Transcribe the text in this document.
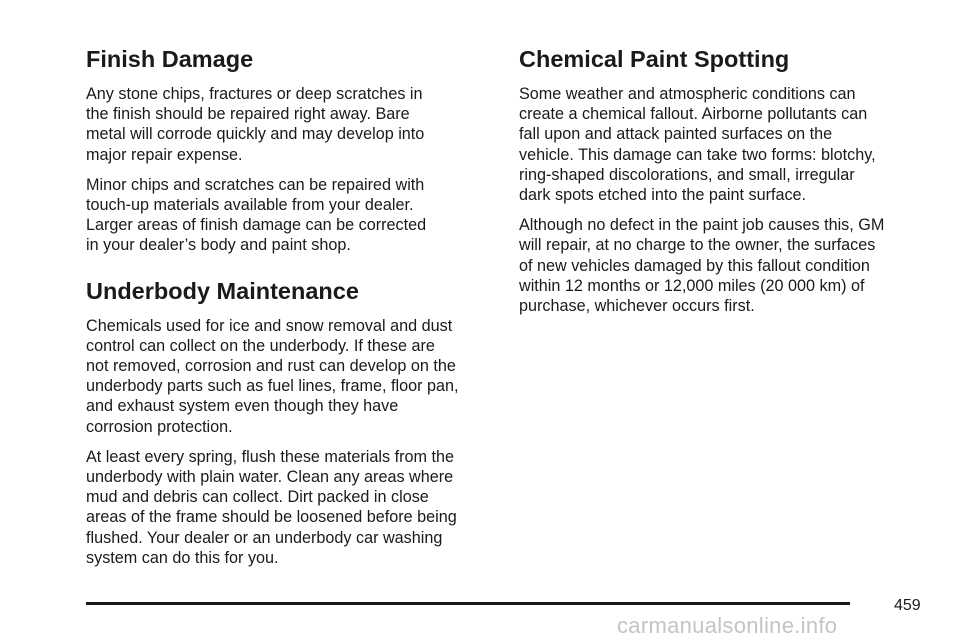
Finish Damage

Any stone chips, fractures or deep scratches in
the finish should be repaired right away. Bare
metal will corrode quickly and may develop into
major repair expense.

Minor chips and scratches can be repaired with
touch-up materials available from your dealer.
Larger areas of finish damage can be corrected
in your dealer’s body and paint shop.

Underbody Maintenance

Chemicals used for ice and snow removal and dust
control can collect on the underbody. If these are
not removed, corrosion and rust can develop on the
underbody parts such as fuel lines, frame, floor pan,
and exhaust system even though they have
corrosion protection.

At least every spring, flush these materials from the
underbody with plain water. Clean any areas where
mud and debris can collect. Dirt packed in close
areas of the frame should be loosened before being
flushed. Your dealer or an underbody car washing
system can do this for you.

Chemical Paint Spotting

Some weather and atmospheric conditions can
create a chemical fallout. Airborne pollutants can
fall upon and attack painted surfaces on the
vehicle. This damage can take two forms: blotchy,
ring-shaped discolorations, and small, irregular
dark spots etched into the paint surface.

Although no defect in the paint job causes this, GM
will repair, at no charge to the owner, the surfaces
of new vehicles damaged by this fallout condition
within 12 months or 12,000 miles (20 000 km) of
purchase, whichever occurs first.

459
carmanualsonline.info
